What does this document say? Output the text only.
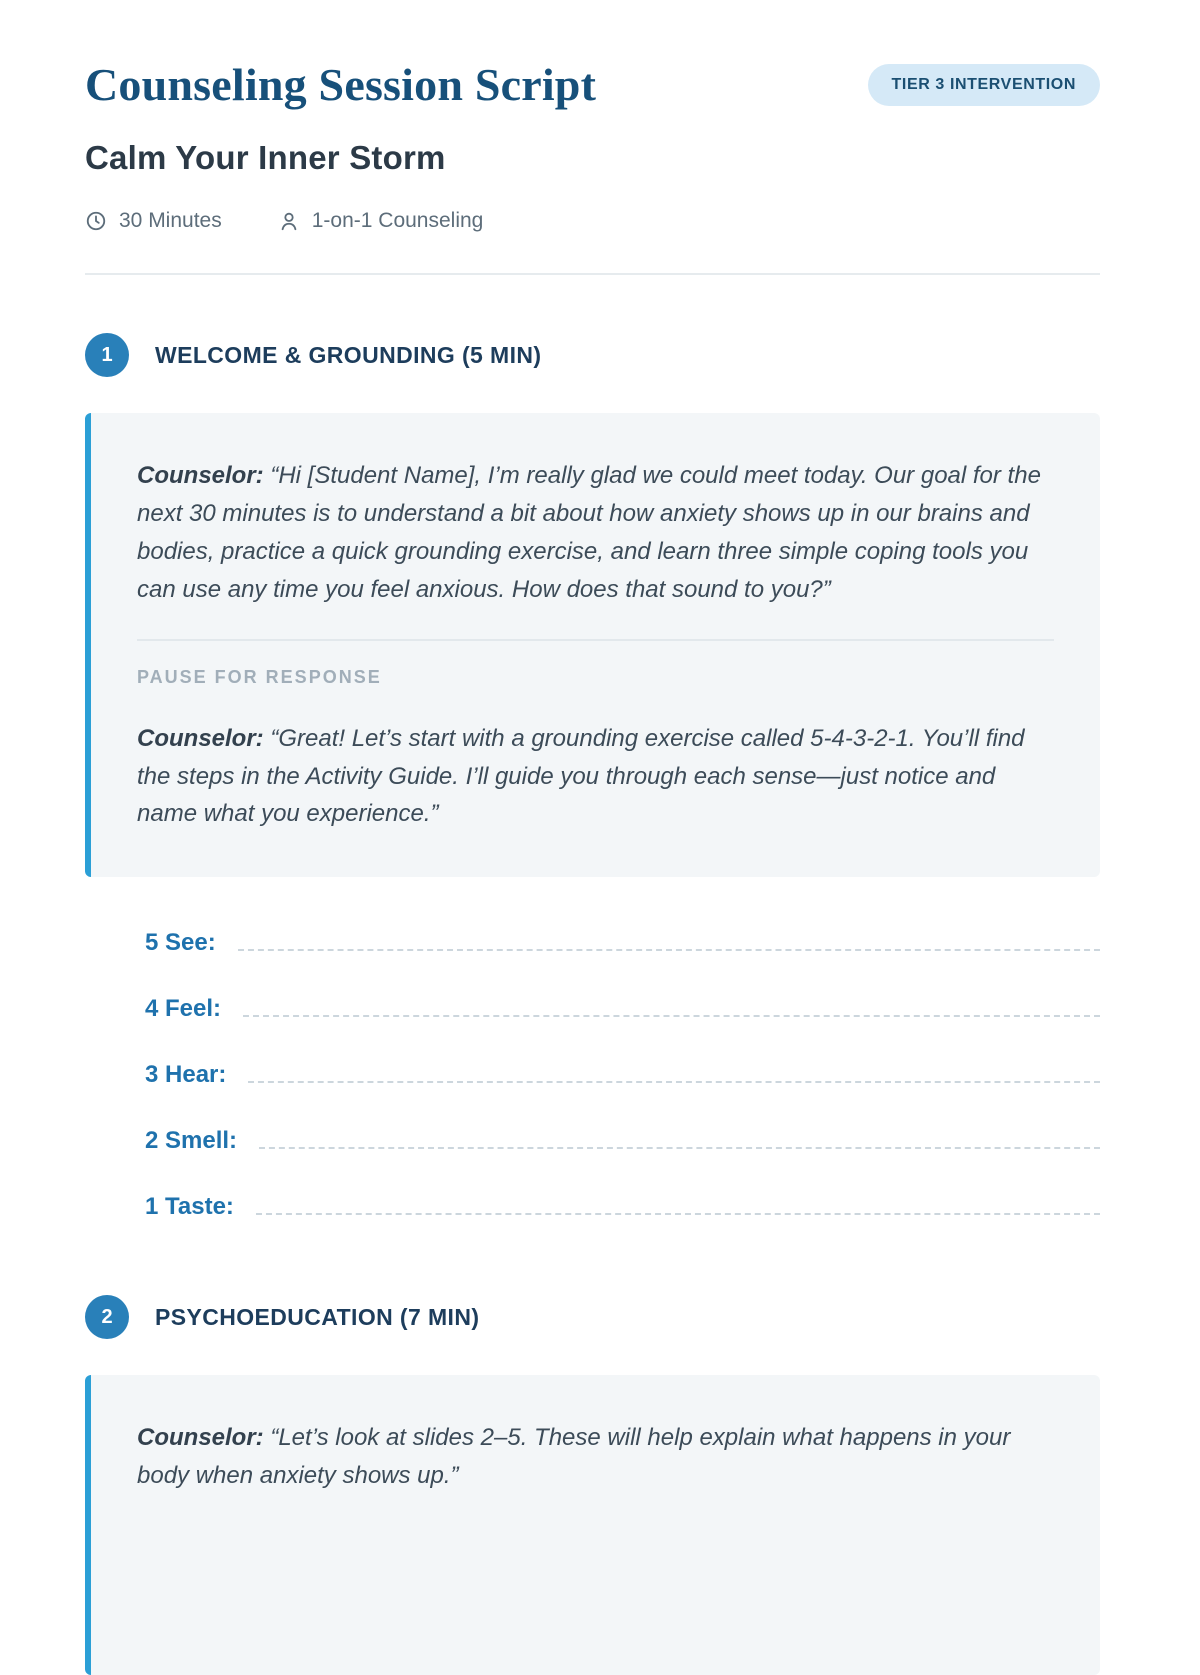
Counseling Session Script	TIER 3 INTERVENTION
Calm Your Inner Storm
30 Minutes	1-on-1 Counseling
1	WELCOME & GROUNDING (5 MIN)

Counselor: “Hi [Student Name], I’m really glad we could meet today. Our goal for the next 30 minutes is to understand a bit about how anxiety shows up in our brains and bodies, practice a quick grounding exercise, and learn three simple coping tools you can use any time you feel anxious. How does that sound to you?”

PAUSE FOR RESPONSE

Counselor: “Great! Let’s start with a grounding exercise called 5-4-3-2-1. You’ll find the steps in the Activity Guide. I’ll guide you through each sense—just notice and name what you experience.”

5 See:
4 Feel:
3 Hear:
2 Smell:
1 Taste:
2	PSYCHOEDUCATION (7 MIN)

Counselor: “Let’s look at slides 2–5. These will help explain what happens in your body when anxiety shows up.”
